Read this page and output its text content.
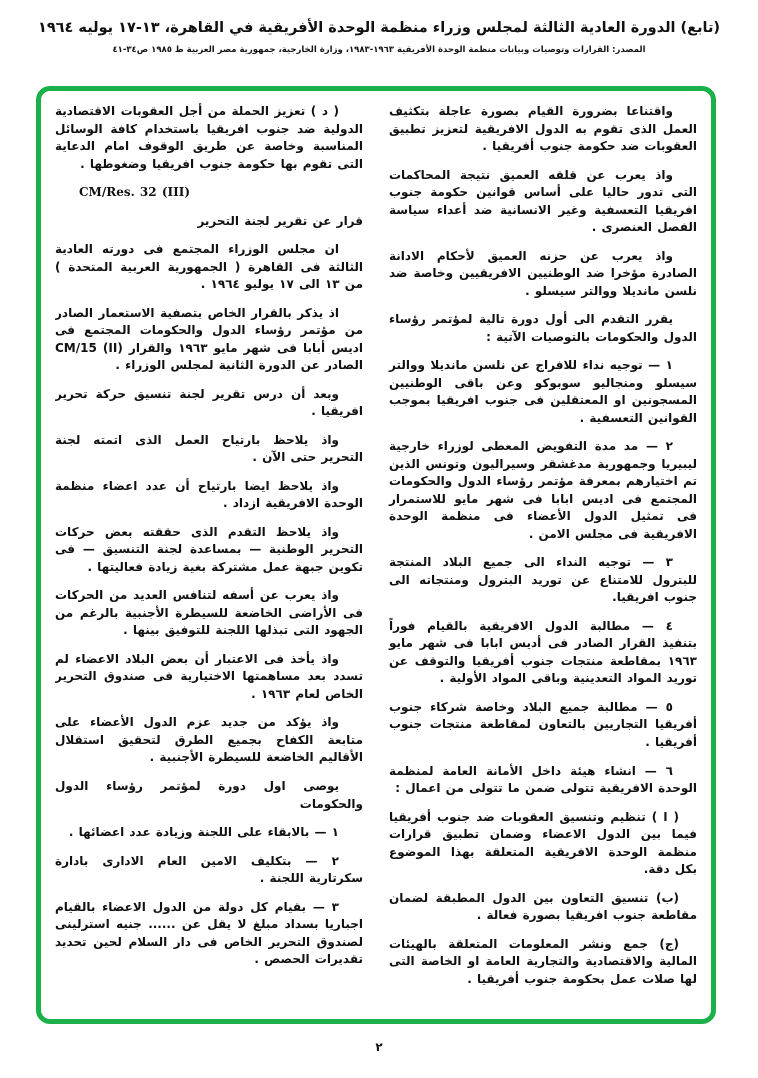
(تابع) الدورة العادية الثالثة لمجلس وزراء منظمة الوحدة الأفريقية في القاهرة، ١٣-١٧ يوليه ١٩٦٤
المصدر: القرارات وتوصيات وبيانات منظمة الوحدة الأفريقية ١٩٦٣-١٩٨٣، وزارة الخارجية، جمهورية مصر العربية ط ١٩٨٥ ص٣٤-٤١

واقتناعا بضرورة القيام بصورة عاجلة بتكثيف العمل الذى تقوم به الدول الافريقية لتعزيز تطبيق العقوبات ضد حكومة جنوب أفريقيا .

واذ يعرب عن قلقه العميق نتيجة المحاكمات التى تدور حاليا على أساس قوانين حكومة جنوب افريقيا التعسفية وغير الانسانية ضد أعداء سياسة الفصل العنصرى .

واذ يعرب عن حزنه العميق لأحكام الادانة الصادرة مؤخرا ضد الوطنيين الافريقيين وخاصة ضد نلسن مانديلا ووالتر سيسلو .

يقرر التقدم الى أول دورة تالية لمؤتمر رؤساء الدول والحكومات بالتوصيات الآتية :

١ — توجيه نداء للافراج عن نلسن مانديلا ووالتر سيسلو ومنجاليو سوبوكو وعن باقى الوطنيين المسجونين او المعتقلين فى جنوب افريقيا بموجب القوانين التعسفية .

٢ — مد مدة التفويض المعطى لوزراء خارجية ليبيريا وجمهورية مدغشقر وسيراليون وتونس الذين تم اختيارهم بمعرفة مؤتمر رؤساء الدول والحكومات المجتمع فى اديس ابابا فى شهر مايو للاستمرار فى تمثيل الدول الأعضاء فى منظمة الوحدة الافريقية فى مجلس الامن .

٣ — توجيه النداء الى جميع البلاد المنتجة للبترول للامتناع عن توريد البترول ومنتجاته الى جنوب افريقيا.

٤ — مطالبة الدول الافريقية بالقيام فوراً بتنفيذ القرار الصادر فى أديس ابابا فى شهر مايو ١٩٦٣ بمقاطعة منتجات جنوب أفريقيا والتوقف عن توريد المواد التعدينية وباقى المواد الأولية .

٥ — مطالبة جميع البلاد وخاصة شركاء جنوب أفريقيا التجاريين بالتعاون لمقاطعة منتجات جنوب أفريقيا .

٦ — انشاء هيئة داخل الأمانة العامة لمنظمة الوحدة الافريقية تتولى ضمن ما تتولى من اعمال :

( ا ) تنظيم وتنسيق العقوبات ضد جنوب أفريقيا فيما بين الدول الاعضاء وضمان تطبيق قرارات منظمة الوحدة الافريقية المتعلقة بهذا الموضوع بكل دقة.

(ب) تنسيق التعاون بين الدول المطبقة لضمان مقاطعة جنوب افريقيا بصورة فعالة .

(ج) جمع ونشر المعلومات المتعلقة بالهيئات المالية والاقتصادية والتجارية العامة او الخاصة التى لها صلات عمل بحكومة جنوب أفريقيا .

( د ) تعزيز الحملة من أجل العقوبات الاقتصادية الدولية ضد جنوب افريقيا باستخدام كافة الوسائل المناسبة وخاصة عن طريق الوقوف امام الدعاية التى تقوم بها حكومة جنوب افريقيا وضغوطها .

CM/Res. 32 (III)

قرار عن تقرير لجنة التحرير

ان مجلس الوزراء المجتمع فى دورته العادية الثالثة فى القاهرة ( الجمهورية العربية المتحدة ) من ١٣ الى ١٧ يوليو ١٩٦٤ .

اذ يذكر بالقرار الخاص بتصفية الاستعمار الصادر من مؤتمر رؤساء الدول والحكومات المجتمع فى اديس أبابا فى شهر مايو ١٩٦٣ والقرار CM/15 (II) الصادر عن الدورة الثانية لمجلس الوزراء .

وبعد أن درس تقرير لجنة تنسيق حركة تحرير افريقيا .

واذ يلاحظ بارتياح العمل الذى اتمته لجنة التحرير حتى الآن .

واذ يلاحظ ايضا بارتياح أن عدد اعضاء منظمة الوحدة الافريقية ازداد .

واذ يلاحظ التقدم الذى حققته بعض حركات التحرير الوطنية — بمساعدة لجنة التنسيق — فى تكوين جبهة عمل مشتركة بغية زيادة فعاليتها .

واذ يعرب عن أسفه لتنافس العديد من الحركات فى الأراضى الخاضعة للسيطرة الأجنبية بالرغم من الجهود التى تبذلها اللجنة للتوفيق بينها .

واذ يأخذ فى الاعتبار أن بعض البلاد الاعضاء لم تسدد بعد مساهمتها الاختيارية فى صندوق التحرير الخاص لعام ١٩٦٣ .

واذ يؤكد من جديد عزم الدول الأعضاء على متابعة الكفاح بجميع الطرق لتحقيق استقلال الأقاليم الخاضعة للسيطرة الأجنبية .

يوصى اول دورة لمؤتمر رؤساء الدول والحكومات

١ — بالابقاء على اللجنة وزيادة عدد اعضائها .

٢ — بتكليف الامين العام الادارى بادارة سكرتارية اللجنة .

٣ — بقيام كل دولة من الدول الاعضاء بالقيام اجباريا بسداد مبلغ لا يقل عن ...... جنيه استرلينى لصندوق التحرير الخاص فى دار السلام لحين تحديد تقديرات الحصص .

٢
